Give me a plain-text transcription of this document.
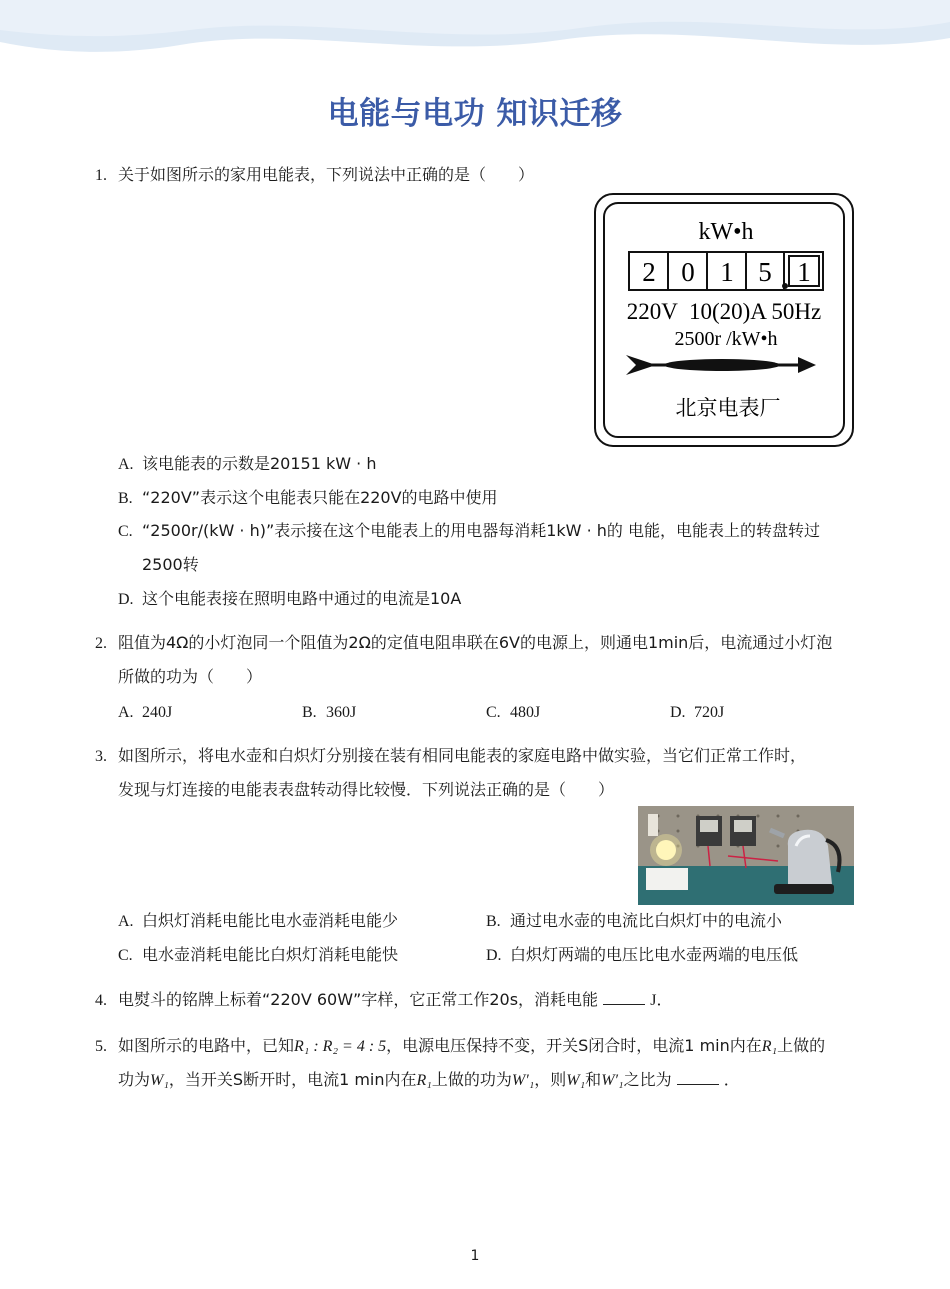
电能与电功 知识迁移
1. 关于如图所示的家用电能表，下列说法中正确的是（　　）
kW•h
2 0 1 5 1
220V  10(20)A 50Hz
2500r /kW•h
北京电表厂
A. 该电能表的示数是20151 kW · h
B. “220V”表示这个电能表只能在220V的电路中使用
C. “2500r/(kW · h)”表示接在这个电能表上的用电器每消耗1kW · h的 电能，电能表上的转盘转过
2500转
D. 这个电能表接在照明电路中通过的电流是10A
2. 阻值为4Ω的小灯泡同一个阻值为2Ω的定值电阻串联在6V的电源上，则通电1min后，电流通过小灯泡
所做的功为（　　）
A. 240J	B. 360J	C. 480J	D. 720J
3. 如图所示，将电水壶和白炽灯分别接在装有相同电能表的家庭电路中做实验，当它们正常工作时，
发现与灯连接的电能表表盘转动得比较慢．下列说法正确的是（　　）
A. 白炽灯消耗电能比电水壶消耗电能少	B. 通过电水壶的电流比白炽灯中的电流小
C. 电水壶消耗电能比白炽灯消耗电能快	D. 白炽灯两端的电压比电水壶两端的电压低
4. 电熨斗的铭牌上标着“220V 60W”字样，它正常工作20s，消耗电能	J．
5. 如图所示的电路中，已知R₁ : R₂ = 4 : 5，电源电压保持不变，开关S闭合时，电流1 min内在R₁上做的
功为W₁，当开关S断开时，电流1 min内在R₁上做的功为W′₁，则W₁和W′₁之比为	．
1
